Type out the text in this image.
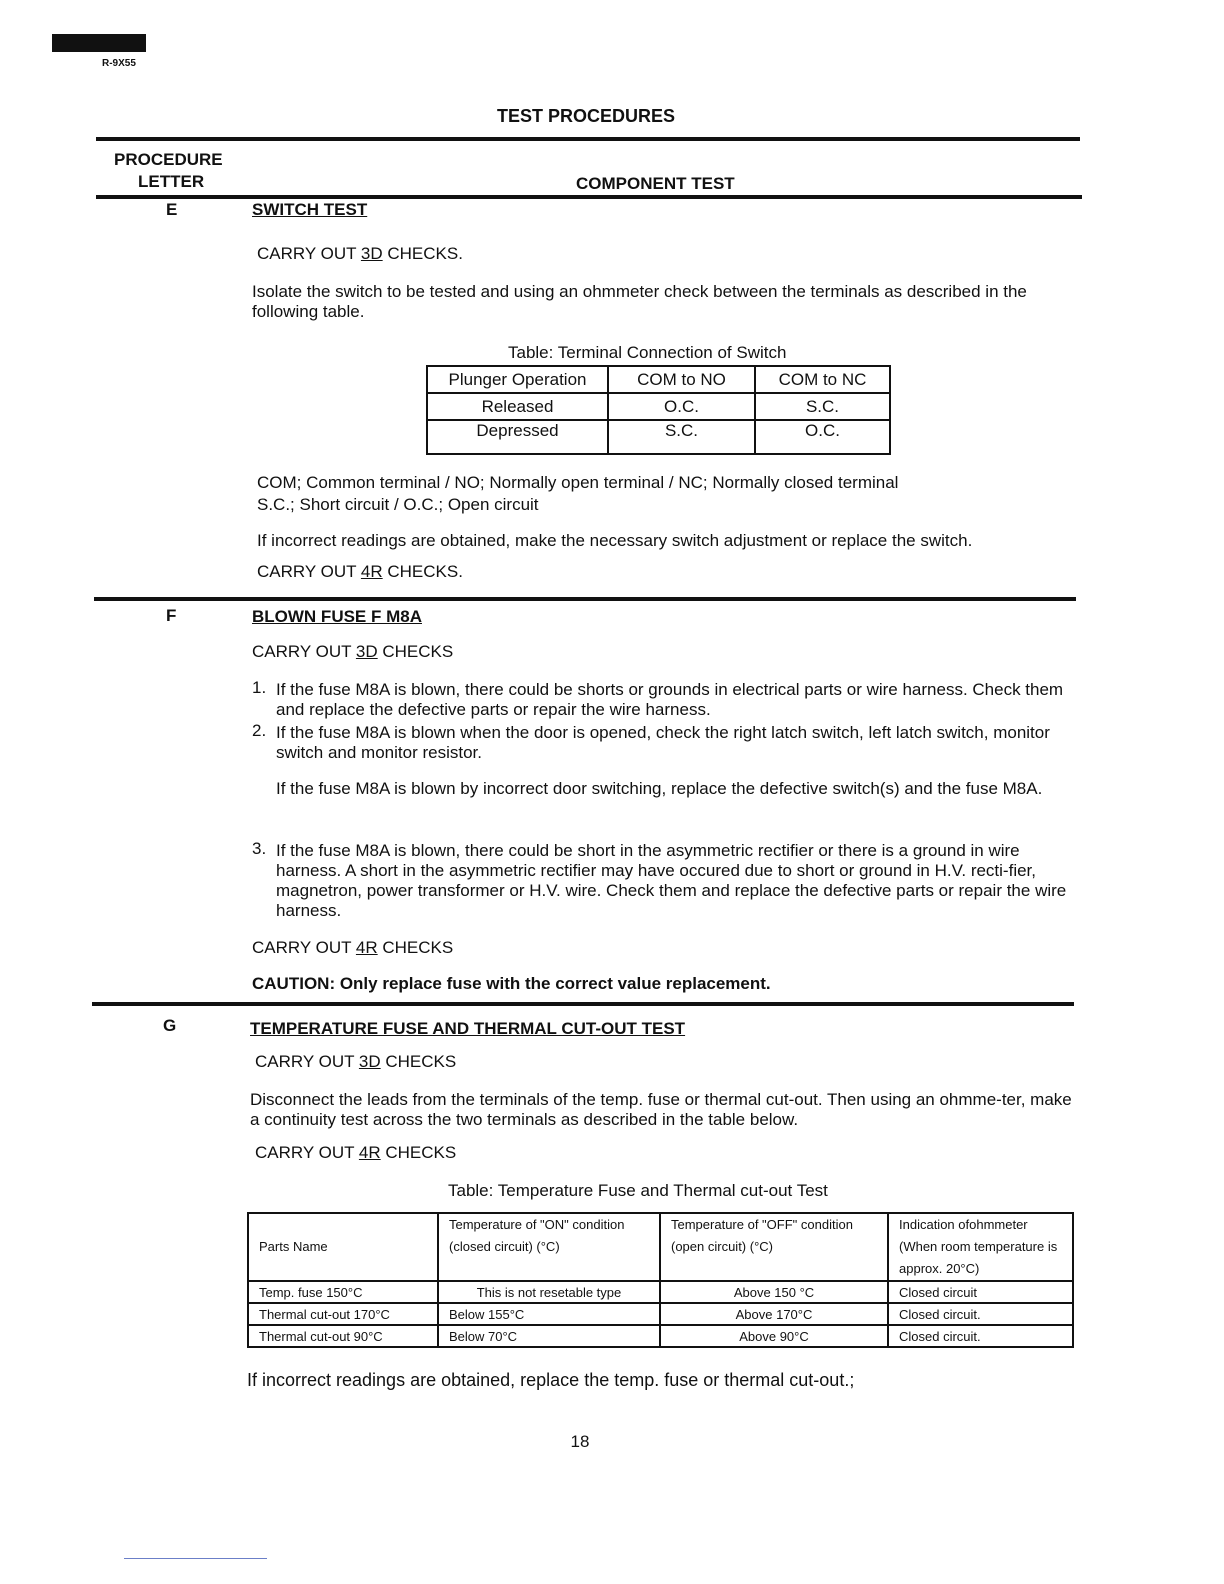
R-9X55
TEST PROCEDURES
PROCEDURE
LETTER	COMPONENT TEST
E	SWITCH TEST
CARRY OUT 3D CHECKS.
Isolate the switch to be tested and using an ohmmeter check between the terminals as described in the following table.
Table: Terminal Connection of Switch
Plunger Operation	COM to NO	COM to NC
Released	O.C.	S.C.
Depressed	S.C.	O.C.
COM; Common terminal / NO; Normally open terminal / NC; Normally closed terminal
S.C.; Short circuit / O.C.; Open circuit
If incorrect readings are obtained, make the necessary switch adjustment or replace the switch.
CARRY OUT 4R CHECKS.
F	BLOWN FUSE F M8A
CARRY OUT 3D CHECKS
1. If the fuse M8A is blown, there could be shorts or grounds in electrical parts or wire harness. Check them and replace the defective parts or repair the wire harness.
2. If the fuse M8A is blown when the door is opened, check the right latch switch, left latch switch, monitor switch and monitor resistor.
If the fuse M8A is blown by incorrect door switching, replace the defective switch(s) and the fuse M8A.
3. If the fuse M8A is blown, there could be short in the asymmetric rectifier or there is a ground in wire harness. A short in the asymmetric rectifier may have occured due to short or ground in H.V. recti-fier, magnetron, power transformer or H.V. wire. Check them and replace the defective parts or repair the wire harness.
CARRY OUT 4R CHECKS
CAUTION: Only replace fuse with the correct value replacement.
G	TEMPERATURE FUSE AND THERMAL CUT-OUT TEST
CARRY OUT 3D CHECKS
Disconnect the leads from the terminals of the temp. fuse or thermal cut-out. Then using an ohmme-ter, make a continuity test across the two terminals as described in the table below.
CARRY OUT 4R CHECKS
Table: Temperature Fuse and Thermal cut-out Test
Parts Name	Temperature of "ON" condition (closed circuit) (°C)	Temperature of "OFF" condition (open circuit) (°C)	Indication ofohmmeter (When room temperature is approx. 20°C)
Temp. fuse 150°C	This is not resetable type	Above 150 °C	Closed circuit
Thermal cut-out 170°C	Below 155°C	Above 170°C	Closed circuit.
Thermal cut-out 90°C	Below 70°C	Above 90°C	Closed circuit.
If incorrect readings are obtained, replace the temp. fuse or thermal cut-out.;
18
